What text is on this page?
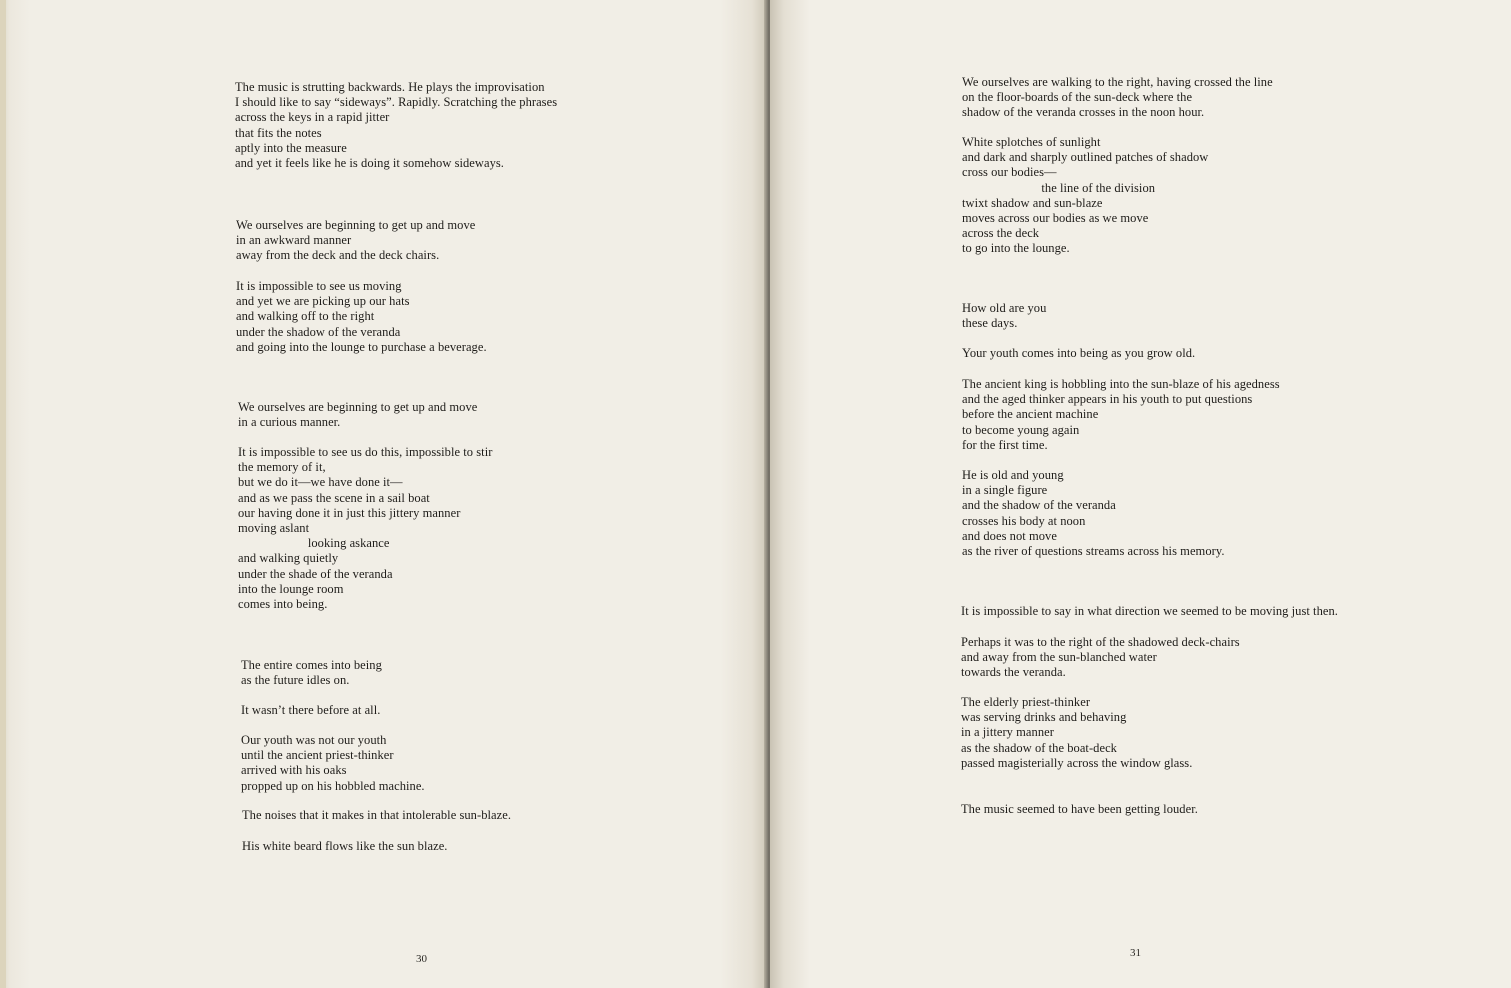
The music is strutting backwards. He plays the improvisation
I should like to say “sideways”. Rapidly. Scratching the phrases
across the keys in a rapid jitter
that fits the notes
aptly into the measure
and yet it feels like he is doing it somehow sideways.
We ourselves are beginning to get up and move
in an awkward manner
away from the deck and the deck chairs.
It is impossible to see us moving
and yet we are picking up our hats
and walking off to the right
under the shadow of the veranda
and going into the lounge to purchase a beverage.
We ourselves are beginning to get up and move
in a curious manner.
It is impossible to see us do this, impossible to stir
the memory of it,
but we do it—we have done it—
and as we pass the scene in a sail boat
our having done it in just this jittery manner
moving aslant
looking askance
and walking quietly
under the shade of the veranda
into the lounge room
comes into being.
The entire comes into being
as the future idles on.
It wasn’t there before at all.
Our youth was not our youth
until the ancient priest-thinker
arrived with his oaks
propped up on his hobbled machine.
The noises that it makes in that intolerable sun-blaze.
His white beard flows like the sun blaze.
30
We ourselves are walking to the right, having crossed the line
on the floor-boards of the sun-deck where the
shadow of the veranda crosses in the noon hour.
White splotches of sunlight
and dark and sharply outlined patches of shadow
cross our bodies—
the line of the division
twixt shadow and sun-blaze
moves across our bodies as we move
across the deck
to go into the lounge.
How old are you
these days.
Your youth comes into being as you grow old.
The ancient king is hobbling into the sun-blaze of his agedness
and the aged thinker appears in his youth to put questions
before the ancient machine
to become young again
for the first time.
He is old and young
in a single figure
and the shadow of the veranda
crosses his body at noon
and does not move
as the river of questions streams across his memory.
It is impossible to say in what direction we seemed to be moving just then.
Perhaps it was to the right of the shadowed deck-chairs
and away from the sun-blanched water
towards the veranda.
The elderly priest-thinker
was serving drinks and behaving
in a jittery manner
as the shadow of the boat-deck
passed magisterially across the window glass.
The music seemed to have been getting louder.
31
